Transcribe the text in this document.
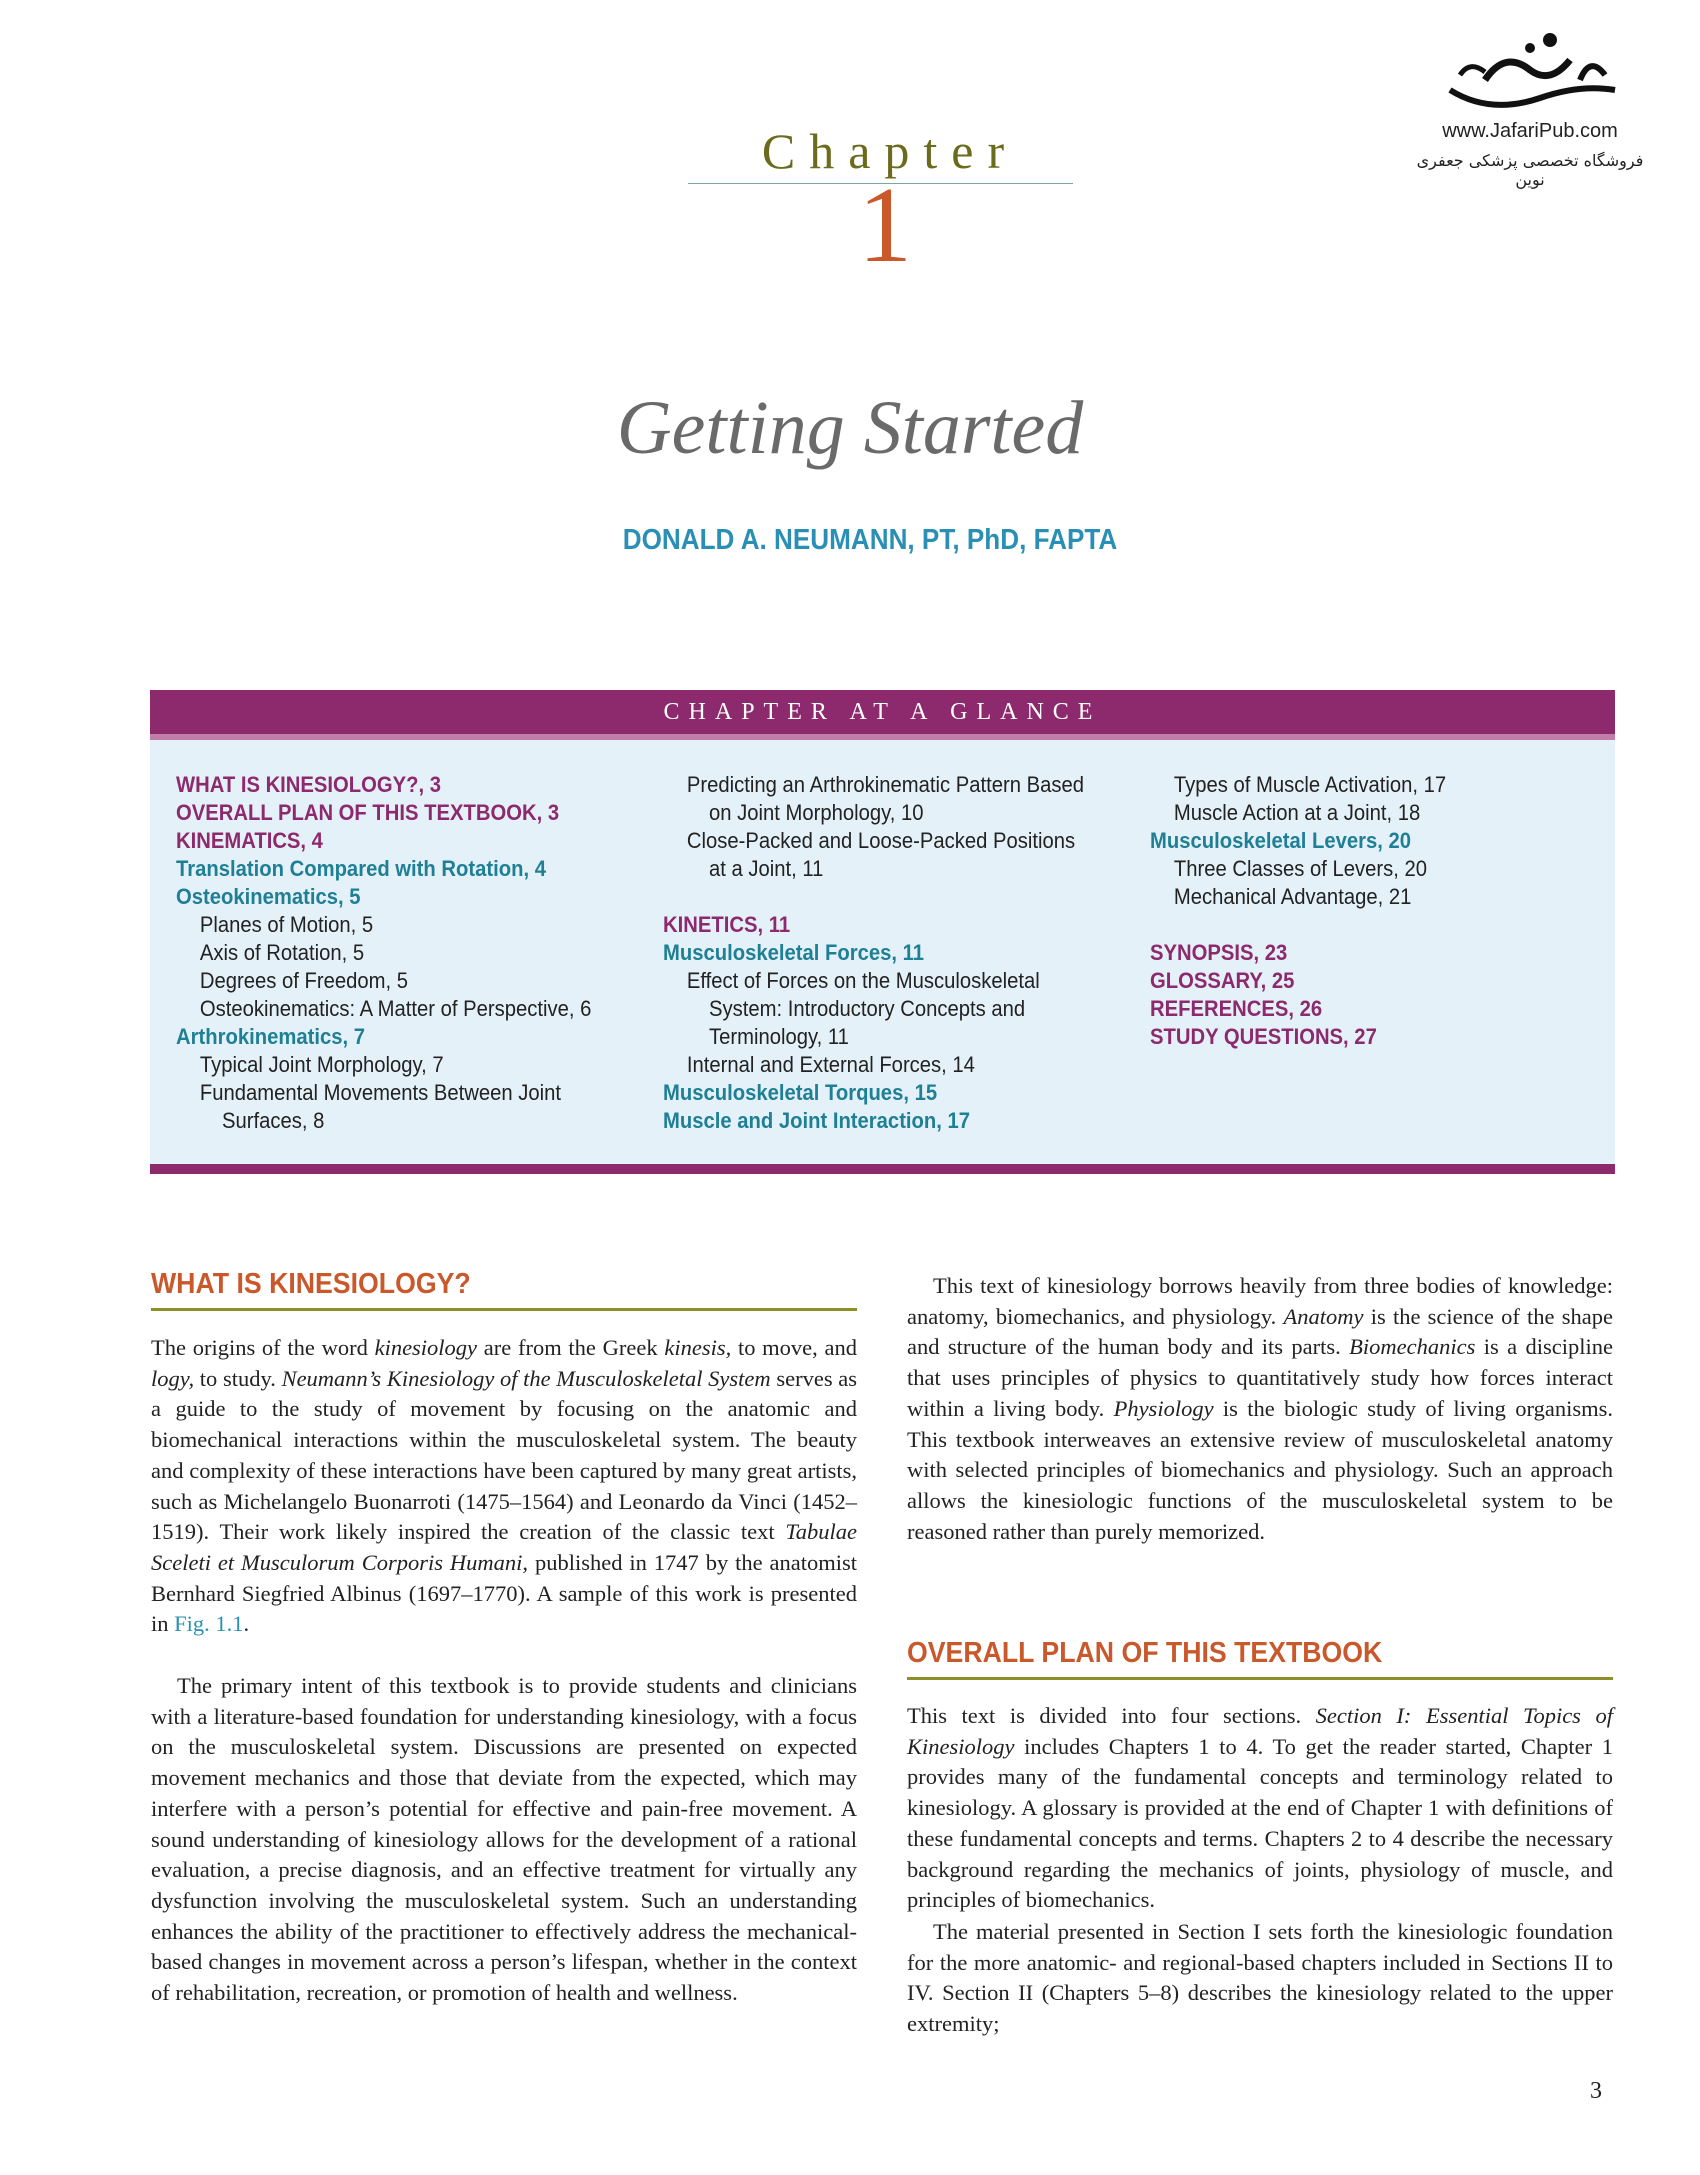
www.JafariPub.com
فروشگاه تخصصی پزشکی جعفری نوین
Chapter
1
Getting Started
DONALD A. NEUMANN, PT, PhD, FAPTA
CHAPTER AT A GLANCE
WHAT IS KINESIOLOGY?, 3
OVERALL PLAN OF THIS TEXTBOOK, 3
KINEMATICS, 4
Translation Compared with Rotation, 4
Osteokinematics, 5
Planes of Motion, 5
Axis of Rotation, 5
Degrees of Freedom, 5
Osteokinematics: A Matter of Perspective, 6
Arthrokinematics, 7
Typical Joint Morphology, 7
Fundamental Movements Between Joint
Surfaces, 8
Predicting an Arthrokinematic Pattern Based
on Joint Morphology, 10
Close-Packed and Loose-Packed Positions
at a Joint, 11
KINETICS, 11
Musculoskeletal Forces, 11
Effect of Forces on the Musculoskeletal
System: Introductory Concepts and
Terminology, 11
Internal and External Forces, 14
Musculoskeletal Torques, 15
Muscle and Joint Interaction, 17
Types of Muscle Activation, 17
Muscle Action at a Joint, 18
Musculoskeletal Levers, 20
Three Classes of Levers, 20
Mechanical Advantage, 21
SYNOPSIS, 23
GLOSSARY, 25
REFERENCES, 26
STUDY QUESTIONS, 27
WHAT IS KINESIOLOGY?
The origins of the word kinesiology are from the Greek kinesis, to move, and logy, to study. Neumann’s Kinesiology of the Musculoskeletal System serves as a guide to the study of movement by focusing on the anatomic and biomechanical interactions within the musculoskeletal system. The beauty and complexity of these interactions have been captured by many great artists, such as Michelangelo Buonarroti (1475–1564) and Leonardo da Vinci (1452–1519). Their work likely inspired the creation of the classic text Tabulae Sceleti et Musculorum Corporis Humani, published in 1747 by the anatomist Bernhard Siegfried Albinus (1697–1770). A sample of this work is presented in Fig. 1.1.
The primary intent of this textbook is to provide students and clinicians with a literature-based foundation for understanding kinesiology, with a focus on the musculoskeletal system. Discussions are presented on expected movement mechanics and those that deviate from the expected, which may interfere with a person’s potential for effective and pain-free movement. A sound understanding of kinesiology allows for the development of a rational evaluation, a precise diagnosis, and an effective treatment for virtually any dysfunction involving the musculoskeletal system. Such an understanding enhances the ability of the practitioner to effectively address the mechanical-based changes in movement across a person’s lifespan, whether in the context of rehabilitation, recreation, or promotion of health and wellness.
This text of kinesiology borrows heavily from three bodies of knowledge: anatomy, biomechanics, and physiology. Anatomy is the science of the shape and structure of the human body and its parts. Biomechanics is a discipline that uses principles of physics to quantitatively study how forces interact within a living body. Physiology is the biologic study of living organisms. This textbook interweaves an extensive review of musculoskeletal anatomy with selected principles of biomechanics and physiology. Such an approach allows the kinesiologic functions of the musculoskeletal system to be reasoned rather than purely memorized.
OVERALL PLAN OF THIS TEXTBOOK
This text is divided into four sections. Section I: Essential Topics of Kinesiology includes Chapters 1 to 4. To get the reader started, Chapter 1 provides many of the fundamental concepts and terminology related to kinesiology. A glossary is provided at the end of Chapter 1 with definitions of these fundamental concepts and terms. Chapters 2 to 4 describe the necessary background regarding the mechanics of joints, physiology of muscle, and principles of biomechanics.
The material presented in Section I sets forth the kinesiologic foundation for the more anatomic- and regional-based chapters included in Sections II to IV. Section II (Chapters 5–8) describes the kinesiology related to the upper extremity;
3
